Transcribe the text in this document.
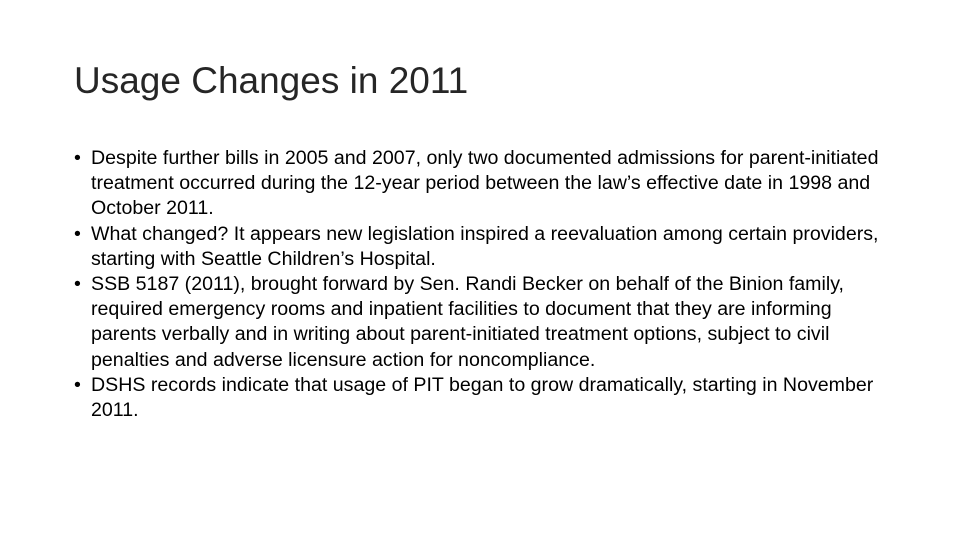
Usage Changes in 2011
• Despite further bills in 2005 and 2007, only two documented admissions for parent-initiated treatment occurred during the 12-year period between the law’s effective date in 1998 and October 2011.
• What changed? It appears new legislation inspired a reevaluation among certain providers, starting with Seattle Children’s Hospital.
• SSB 5187 (2011), brought forward by Sen. Randi Becker on behalf of the Binion family, required emergency rooms and inpatient facilities to document that they are informing parents verbally and in writing about parent-initiated treatment options, subject to civil penalties and adverse licensure action for noncompliance.
• DSHS records indicate that usage of PIT began to grow dramatically, starting in November 2011.
